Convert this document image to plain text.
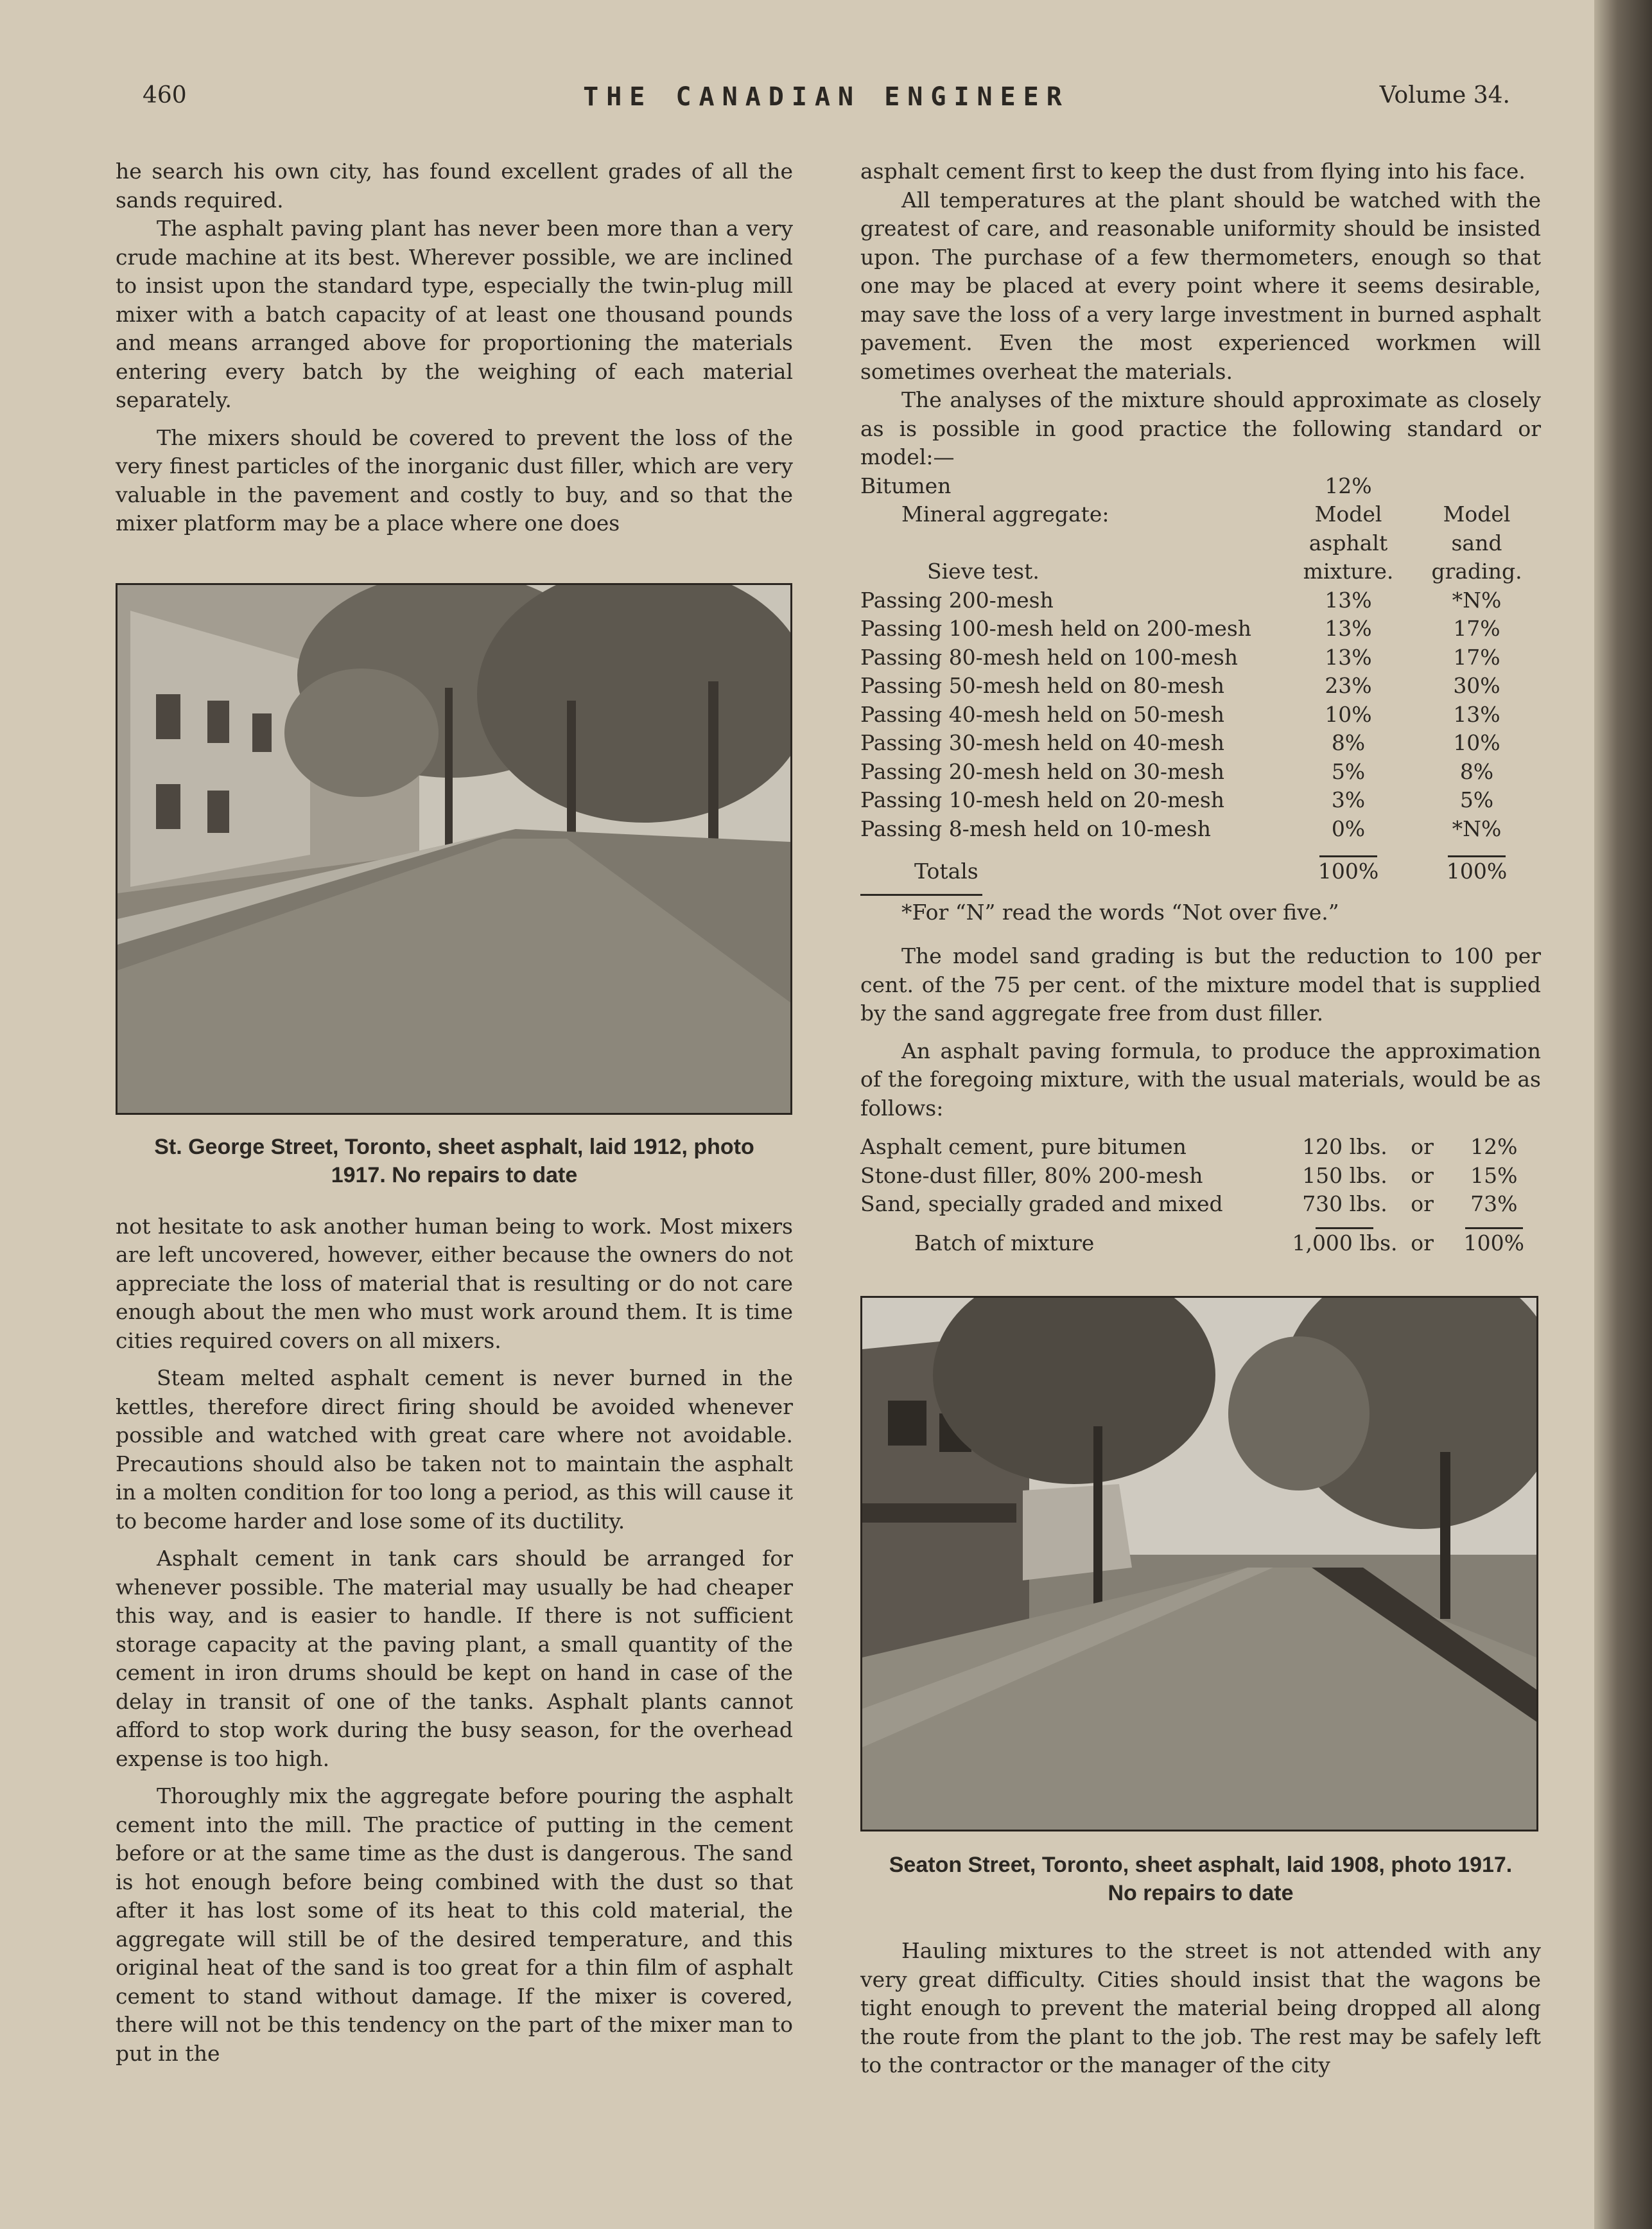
460	THE CANADIAN ENGINEER	Volume 34.

he search his own city, has found excellent grades of all the sands required.

The asphalt paving plant has never been more than a very crude machine at its best. Wherever possible, we are inclined to insist upon the standard type, especially the twin-plug mill mixer with a batch capacity of at least one thousand pounds and means arranged above for proportioning the materials entering every batch by the weighing of each material separately.

The mixers should be covered to prevent the loss of the very finest particles of the inorganic dust filler, which are very valuable in the pavement and costly to buy, and so that the mixer platform may be a place where one does

St. George Street, Toronto, sheet asphalt, laid 1912, photo 1917. No repairs to date

not hesitate to ask another human being to work. Most mixers are left uncovered, however, either because the owners do not appreciate the loss of material that is resulting or do not care enough about the men who must work around them. It is time cities required covers on all mixers.

Steam melted asphalt cement is never burned in the kettles, therefore direct firing should be avoided whenever possible and watched with great care where not avoidable. Precautions should also be taken not to maintain the asphalt in a molten condition for too long a period, as this will cause it to become harder and lose some of its ductility.

Asphalt cement in tank cars should be arranged for whenever possible. The material may usually be had cheaper this way, and is easier to handle. If there is not sufficient storage capacity at the paving plant, a small quantity of the cement in iron drums should be kept on hand in case of the delay in transit of one of the tanks. Asphalt plants cannot afford to stop work during the busy season, for the overhead expense is too high.

Thoroughly mix the aggregate before pouring the asphalt cement into the mill. The practice of putting in the cement before or at the same time as the dust is dangerous. The sand is hot enough before being combined with the dust so that after it has lost some of its heat to this cold material, the aggregate will still be of the desired temperature, and this original heat of the sand is too great for a thin film of asphalt cement to stand without damage. If the mixer is covered, there will not be this tendency on the part of the mixer man to put in the

asphalt cement first to keep the dust from flying into his face.

All temperatures at the plant should be watched with the greatest of care, and reasonable uniformity should be insisted upon. The purchase of a few thermometers, enough so that one may be placed at every point where it seems desirable, may save the loss of a very large investment in burned asphalt pavement. Even the most experienced workmen will sometimes overheat the materials.

The analyses of the mixture should approximate as closely as is possible in good practice the following standard or model:—

Bitumen	12%	
Mineral aggregate:	Model	Model
	asphalt	sand
Sieve test.	mixture.	grading.
Passing 200-mesh	13%	*N%
Passing 100-mesh held on 200-mesh	13%	17%
Passing 80-mesh held on 100-mesh	13%	17%
Passing 50-mesh held on 80-mesh	23%	30%
Passing 40-mesh held on 50-mesh	10%	13%
Passing 30-mesh held on 40-mesh	8%	10%
Passing 20-mesh held on 30-mesh	5%	8%
Passing 10-mesh held on 20-mesh	3%	5%
Passing 8-mesh held on 10-mesh	0%	*N%

Totals	100%	100%

*For “N” read the words “Not over five.”

The model sand grading is but the reduction to 100 per cent. of the 75 per cent. of the mixture model that is supplied by the sand aggregate free from dust filler.

An asphalt paving formula, to produce the approximation of the foregoing mixture, with the usual materials, would be as follows:

Asphalt cement, pure bitumen	120 lbs.	or	12%
Stone-dust filler, 80% 200-mesh	150 lbs.	or	15%
Sand, specially graded and mixed	730 lbs.	or	73%

Batch of mixture	1,000 lbs.	or	100%

Seaton Street, Toronto, sheet asphalt, laid 1908, photo 1917. No repairs to date

Hauling mixtures to the street is not attended with any very great difficulty. Cities should insist that the wagons be tight enough to prevent the material being dropped all along the route from the plant to the job. The rest may be safely left to the contractor or the manager of the city
